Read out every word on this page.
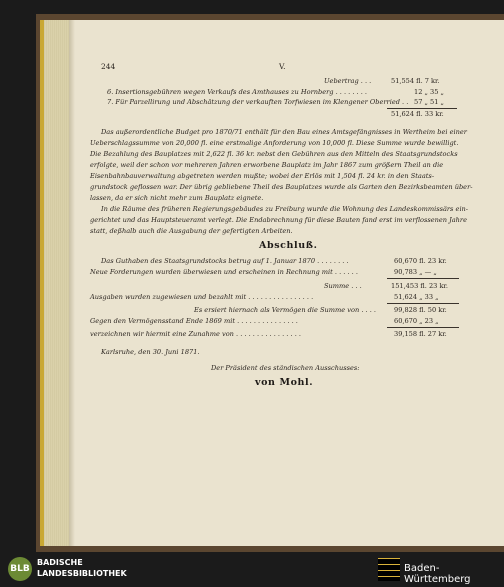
244	V.
Uebertrag . . .	51,554 fl. 7 kr.
6. Insertionsgebühren wegen Verkaufs des Amthauses zu Hornberg . . . . . . . .	12 „ 35 „
7. Für Parzellirung und Abschätzung der verkauften Torfwiesen im Klengener Oberried . . 57 „ 51 „
51,624 fl. 33 kr.
Das außerordentliche Budget pro 1870/71 enthält für den Bau eines Amtsgefängnisses in Wertheim bei einer
Ueberschlagssumme von 20,000 fl. eine erstmalige Anforderung von 10,000 fl. Diese Summe wurde bewilligt.
Die Bezahlung des Bauplatzes mit 2,622 fl. 36 kr. nebst den Gebühren aus den Mitteln des Staatsgrundstocks
erfolgte, weil der schon vor mehreren Jahren erworbene Bauplatz im Jahr 1867 zum größern Theil an die
Eisenbahnbauverwaltung abgetreten werden mußte; wobei der Erlös mit 1,504 fl. 24 kr. in den Staats-
grundstock geflossen war. Der übrig gebliebene Theil des Bauplatzes wurde als Garten den Bezirksbeamten über-
lassen, da er sich nicht mehr zum Bauplatz eignete.
In die Räume des früheren Regierungsgebäudes zu Freiburg wurde die Wohnung des Landeskommissärs ein-
gerichtet und das Hauptsteueramt verlegt. Die Endabrechnung für diese Bauten fand erst im verflossenen Jahre
statt, deßhalb auch die Ausgabung der gefertigten Arbeiten.
Abschluß.
Das Guthaben des Staatsgrundstocks betrug auf 1. Januar 1870 . . . . . . . .	60,670 fl. 23 kr.
Neue Forderungen wurden überwiesen und erscheinen in Rechnung mit . . . . . .	90,783 „ — „
Summe . . .	151,453 fl. 23 kr.
Ausgaben wurden zugewiesen und bezahlt mit . . . . . . . . . . . . . . . .	51,624 „ 33 „
Es ersiert hiernach als Vermögen die Summe von . . . .	99,828 fl. 50 kr.
Gegen den Vermögensstand Ende 1869 mit . . . . . . . . . . . . . . .	60,670 „ 23 „
verzeichnen wir hiermit eine Zunahme von . . . . . . . . . . . . . . . .	39,158 fl. 27 kr.
Karlsruhe, den 30. Juni 1871.
Der Präsident des ständischen Ausschusses:
von Mohl.
BLB
BADISCHE
LANDESBIBLIOTHEK	Baden-Württemberg
